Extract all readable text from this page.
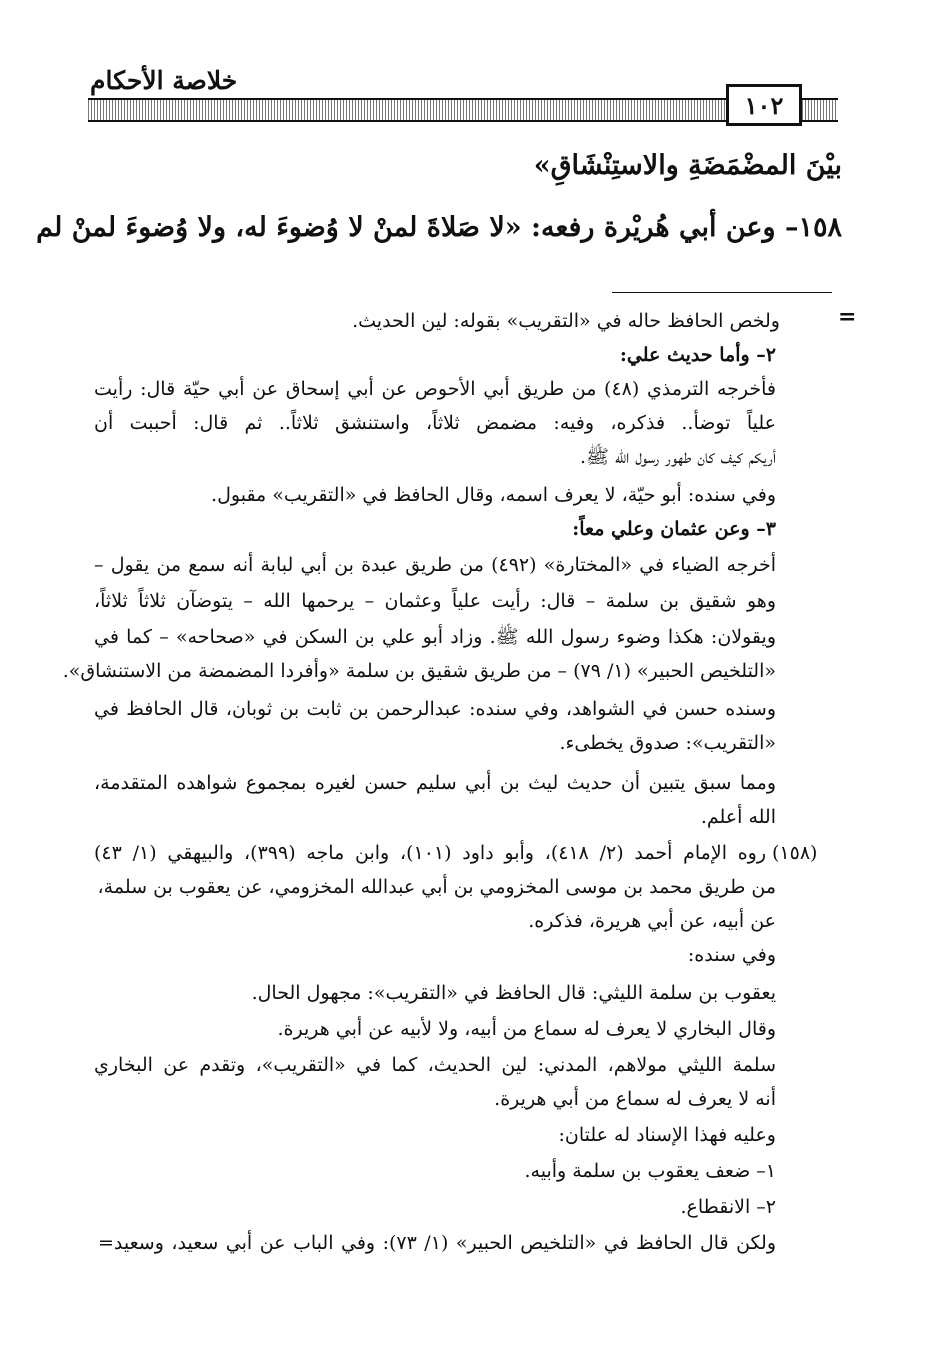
خلاصة الأحكام
١٠٢
بيْنَ المضْمَضَةِ والاستِنْشَاقِ»
١٥٨– وعن أبي هُريْرة رفعه: «لا صَلاةَ لمنْ لا وُضوءَ له، ولا وُضوءَ لمنْ لم
=
ولخص الحافظ حاله في «التقريب» بقوله: لين الحديث.
٢– وأما حديث علي:
فأخرجه الترمذي (٤٨) من طريق أبي الأحوص عن أبي إسحاق عن أبي حيّة قال: رأيت
علياً توضأ.. فذكره، وفيه: مضمض ثلاثاً، واستنشق ثلاثاً.. ثم قال: أحببت أن
أريكم كيف كان طهور رسول الله ﷺ.
وفي سنده: أبو حيّة، لا يعرف اسمه، وقال الحافظ في «التقريب» مقبول.
٣– وعن عثمان وعلي معاً:
أخرجه الضياء في «المختارة» (٤٩٢) من طريق عبدة بن أبي لبابة أنه سمع من يقول –
وهو شقيق بن سلمة – قال: رأيت علياً وعثمان – يرحمها الله – يتوضآن ثلاثاً ثلاثاً،
ويقولان: هكذا وضوء رسول الله ﷺ. وزاد أبو علي بن السكن في «صحاحه» – كما في
«التلخيص الحبير» (١/ ٧٩) – من طريق شقيق بن سلمة «وأفردا المضمضة من الاستنشاق».
وسنده حسن في الشواهد، وفي سنده: عبدالرحمن بن ثابت بن ثوبان، قال الحافظ في
«التقريب»: صدوق يخطىء.
ومما سبق يتبين أن حديث ليث بن أبي سليم حسن لغيره بمجموع شواهده المتقدمة،
الله أعلم.
(١٥٨)
روه الإمام أحمد (٢/ ٤١٨)، وأبو داود (١٠١)، وابن ماجه (٣٩٩)، والبيهقي (١/ ٤٣)
من طريق محمد بن موسى المخزومي بن أبي عبدالله المخزومي، عن يعقوب بن سلمة،
عن أبيه، عن أبي هريرة، فذكره.
وفي سنده:
يعقوب بن سلمة الليثي: قال الحافظ في «التقريب»: مجهول الحال.
وقال البخاري لا يعرف له سماع من أبيه، ولا لأبيه عن أبي هريرة.
سلمة الليثي مولاهم، المدني: لين الحديث، كما في «التقريب»، وتقدم عن البخاري
أنه لا يعرف له سماع من أبي هريرة.
وعليه فهذا الإسناد له علتان:
١– ضعف يعقوب بن سلمة وأبيه.
٢– الانقطاع.
ولكن قال الحافظ في «التلخيص الحبير» (١/ ٧٣): وفي الباب عن أبي سعيد، وسعيد=
